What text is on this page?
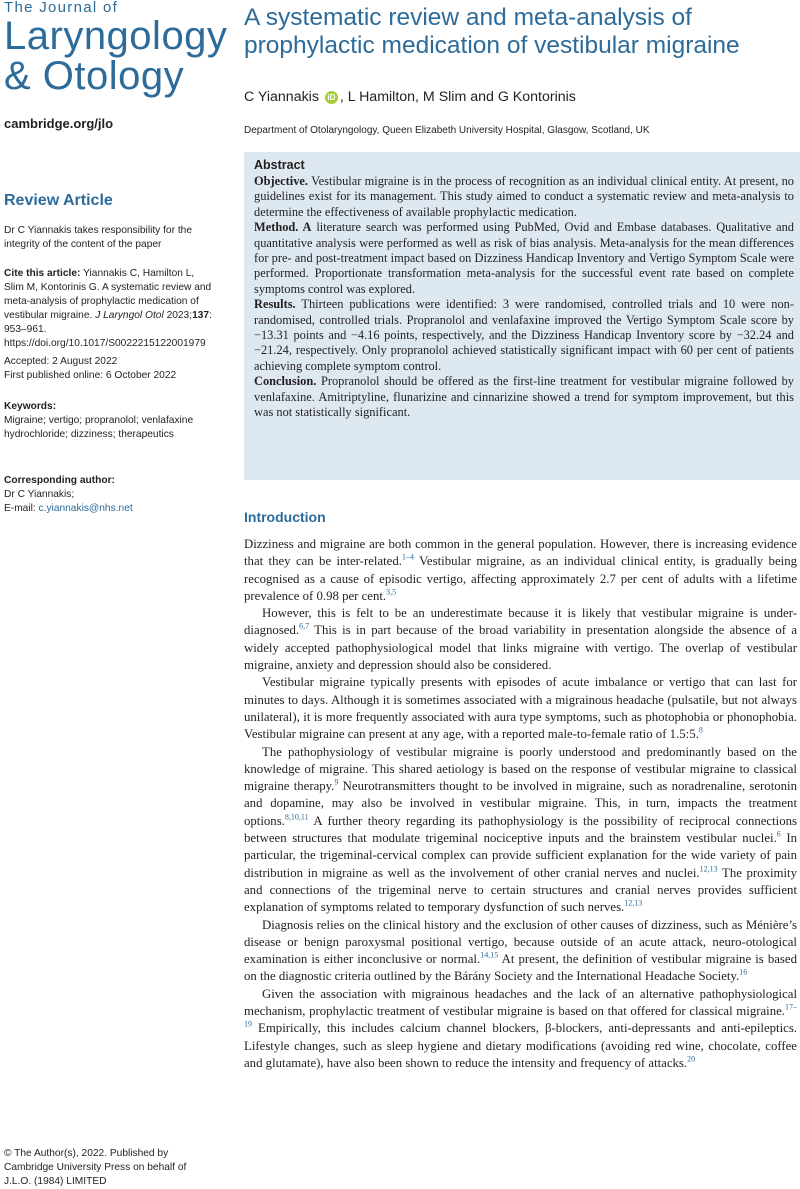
The Journal of
Laryngology
& Otology
cambridge.org/jlo
Review Article
Dr C Yiannakis takes responsibility for the integrity of the content of the paper
Cite this article: Yiannakis C, Hamilton L, Slim M, Kontorinis G. A systematic review and meta-analysis of prophylactic medication of vestibular migraine. J Laryngol Otol 2023;137: 953–961. https://doi.org/10.1017/S0022215122001979
Accepted: 2 August 2022
First published online: 6 October 2022
Keywords:
Migraine; vertigo; propranolol; venlafaxine hydrochloride; dizziness; therapeutics
Corresponding author:
Dr C Yiannakis;
E-mail: c.yiannakis@nhs.net
© The Author(s), 2022. Published by Cambridge University Press on behalf of J.L.O. (1984) LIMITED
A systematic review and meta-analysis of prophylactic medication of vestibular migraine
C Yiannakis iD , L Hamilton, M Slim and G Kontorinis
Department of Otolaryngology, Queen Elizabeth University Hospital, Glasgow, Scotland, UK
Abstract

Objective. Vestibular migraine is in the process of recognition as an individual clinical entity. At present, no guidelines exist for its management. This study aimed to conduct a systematic review and meta-analysis to determine the effectiveness of available prophylactic medication.

Method. A literature search was performed using PubMed, Ovid and Embase databases. Qualitative and quantitative analysis were performed as well as risk of bias analysis. Meta-analysis for the mean differences for pre- and post-treatment impact based on Dizziness Handicap Inventory and Vertigo Symptom Scale were performed. Proportionate transformation meta-analysis for the successful event rate based on complete symptoms control was explored.

Results. Thirteen publications were identified: 3 were randomised, controlled trials and 10 were non-randomised, controlled trials. Propranolol and venlafaxine improved the Vertigo Symptom Scale score by −13.31 points and −4.16 points, respectively, and the Dizziness Handicap Inventory score by −32.24 and −21.24, respectively. Only propranolol achieved statistically significant impact with 60 per cent of patients achieving complete symptom control.

Conclusion. Propranolol should be offered as the first-line treatment for vestibular migraine followed by venlafaxine. Amitriptyline, flunarizine and cinnarizine showed a trend for symptom improvement, but this was not statistically significant.

Introduction

Dizziness and migraine are both common in the general population. However, there is increasing evidence that they can be inter-related.$^{1-4}$ Vestibular migraine, as an individual clinical entity, is gradually being recognised as a cause of episodic vertigo, affecting approximately 2.7 per cent of adults with a lifetime prevalence of 0.98 per cent.$^{3,5}$

However, this is felt to be an underestimate because it is likely that vestibular migraine is under-diagnosed.$^{6,7}$ This is in part because of the broad variability in presentation alongside the absence of a widely accepted pathophysiological model that links migraine with vertigo. The overlap of vestibular migraine, anxiety and depression should also be considered.

Vestibular migraine typically presents with episodes of acute imbalance or vertigo that can last for minutes to days. Although it is sometimes associated with a migrainous headache (pulsatile, but not always unilateral), it is more frequently associated with aura type symptoms, such as photophobia or phonophobia. Vestibular migraine can present at any age, with a reported male-to-female ratio of 1.5:5.$^8$

The pathophysiology of vestibular migraine is poorly understood and predominantly based on the knowledge of migraine. This shared aetiology is based on the response of vestibular migraine to classical migraine therapy.$^9$ Neurotransmitters thought to be involved in migraine, such as noradrenaline, serotonin and dopamine, may also be involved in vestibular migraine. This, in turn, impacts the treatment options.$^{8,10,11}$ A further theory regarding its pathophysiology is the possibility of reciprocal connections between structures that modulate trigeminal nociceptive inputs and the brainstem vestibular nuclei.$^6$ In particular, the trigeminal-cervical complex can provide sufficient explanation for the wide variety of pain distribution in migraine as well as the involvement of other cranial nerves and nuclei.$^{12,13}$ The proximity and connections of the trigeminal nerve to certain structures and cranial nerves provides sufficient explanation of symptoms related to temporary dysfunction of such nerves.$^{12,13}$

Diagnosis relies on the clinical history and the exclusion of other causes of dizziness, such as Ménière’s disease or benign paroxysmal positional vertigo, because outside of an acute attack, neuro-otological examination is either inconclusive or normal.$^{14,15}$ At present, the definition of vestibular migraine is based on the diagnostic criteria outlined by the Bárány Society and the International Headache Society.$^{16}$

Given the association with migrainous headaches and the lack of an alternative pathophysiological mechanism, prophylactic treatment of vestibular migraine is based on that offered for classical migraine.$^{17-19}$ Empirically, this includes calcium channel blockers, β-blockers, anti-depressants and anti-epileptics. Lifestyle changes, such as sleep hygiene and dietary modifications (avoiding red wine, chocolate, coffee and glutamate), have also been shown to reduce the intensity and frequency of attacks.$^{20}$
